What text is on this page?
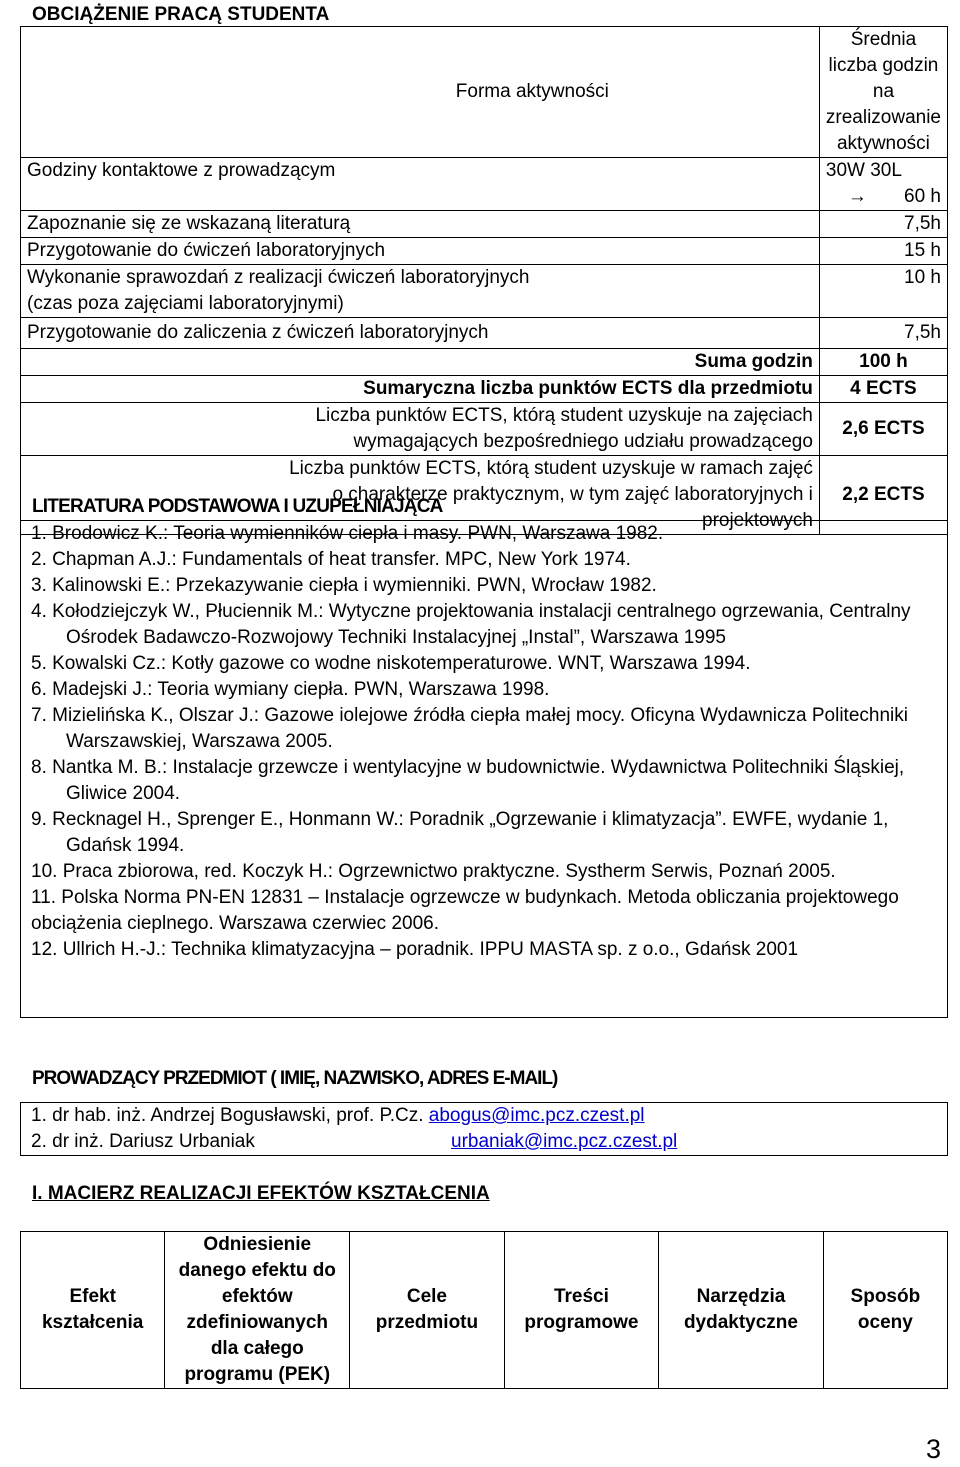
OBCIĄŻENIE PRACĄ STUDENTA
Forma aktywności	Średnia liczba godzin
na zrealizowanie
aktywności

Godziny kontaktowe z prowadzącym	30W 30L → 60 h

Zapoznanie się ze wskazaną literaturą	7,5h
Przygotowanie do ćwiczeń laboratoryjnych	15 h

Wykonanie sprawozdań z realizacji ćwiczeń laboratoryjnych
(czas poza zajęciami laboratoryjnymi)	10 h
Przygotowanie do zaliczenia z ćwiczeń laboratoryjnych	7,5h
Suma godzin	100 h
Sumaryczna liczba punktów ECTS dla przedmiotu	4 ECTS

Liczba punktów ECTS, którą student uzyskuje na zajęciach
wymagających bezpośredniego udziału prowadzącego	2,6 ECTS

Liczba punktów ECTS, którą student uzyskuje w ramach zajęć
o charakterze praktycznym, w tym zajęć laboratoryjnych i
projektowych	2,2 ECTS
LITERATURA PODSTAWOWA I UZUPEŁNIAJĄCA
1. Brodowicz K.: Teoria wymienników ciepła i masy. PWN, Warszawa 1982.
2. Chapman A.J.: Fundamentals of heat transfer. MPC, New York 1974.
3. Kalinowski E.: Przekazywanie ciepła i wymienniki. PWN, Wrocław 1982.
4. Kołodziejczyk W., Płuciennik M.: Wytyczne projektowania instalacji centralnego ogrzewania, Centralny Ośrodek Badawczo-Rozwojowy Techniki Instalacyjnej „Instal”, Warszawa 1995
5. Kowalski Cz.: Kotły gazowe co wodne niskotemperaturowe. WNT, Warszawa 1994.
6. Madejski J.: Teoria wymiany ciepła. PWN, Warszawa 1998.
7. Mizielińska K., Olszar J.: Gazowe iolejowe źródła ciepła małej mocy. Oficyna Wydawnicza Politechniki Warszawskiej, Warszawa 2005.
8. Nantka M. B.: Instalacje grzewcze i wentylacyjne w budownictwie. Wydawnictwa Politechniki Śląskiej, Gliwice 2004.
9. Recknagel H., Sprenger E., Honmann W.: Poradnik „Ogrzewanie i klimatyzacja”. EWFE, wydanie 1, Gdańsk 1994.
10. Praca zbiorowa, red. Koczyk H.: Ogrzewnictwo praktyczne. Systherm Serwis, Poznań 2005.
11. Polska Norma PN-EN 12831 – Instalacje ogrzewcze w budynkach. Metoda obliczania projektowego obciążenia cieplnego. Warszawa czerwiec 2006.
12. Ullrich H.-J.: Technika klimatyzacyjna – poradnik. IPPU MASTA sp. z o.o., Gdańsk 2001
PROWADZĄCY PRZEDMIOT ( IMIĘ, NAZWISKO, ADRES E-MAIL)
1. dr hab. inż. Andrzej Bogusławski, prof. P.Cz. abogus@imc.pcz.czest.pl
2. dr inż. Dariusz Urbaniak	urbaniak@imc.pcz.czest.pl
I. MACIERZ REALIZACJI EFEKTÓW KSZTAŁCENIA
Efekt kształcenia	Odniesienie danego efektu do efektów zdefiniowanych dla całego programu (PEK)	Cele przedmiotu	Treści programowe	Narzędzia dydaktyczne	Sposób oceny
3
